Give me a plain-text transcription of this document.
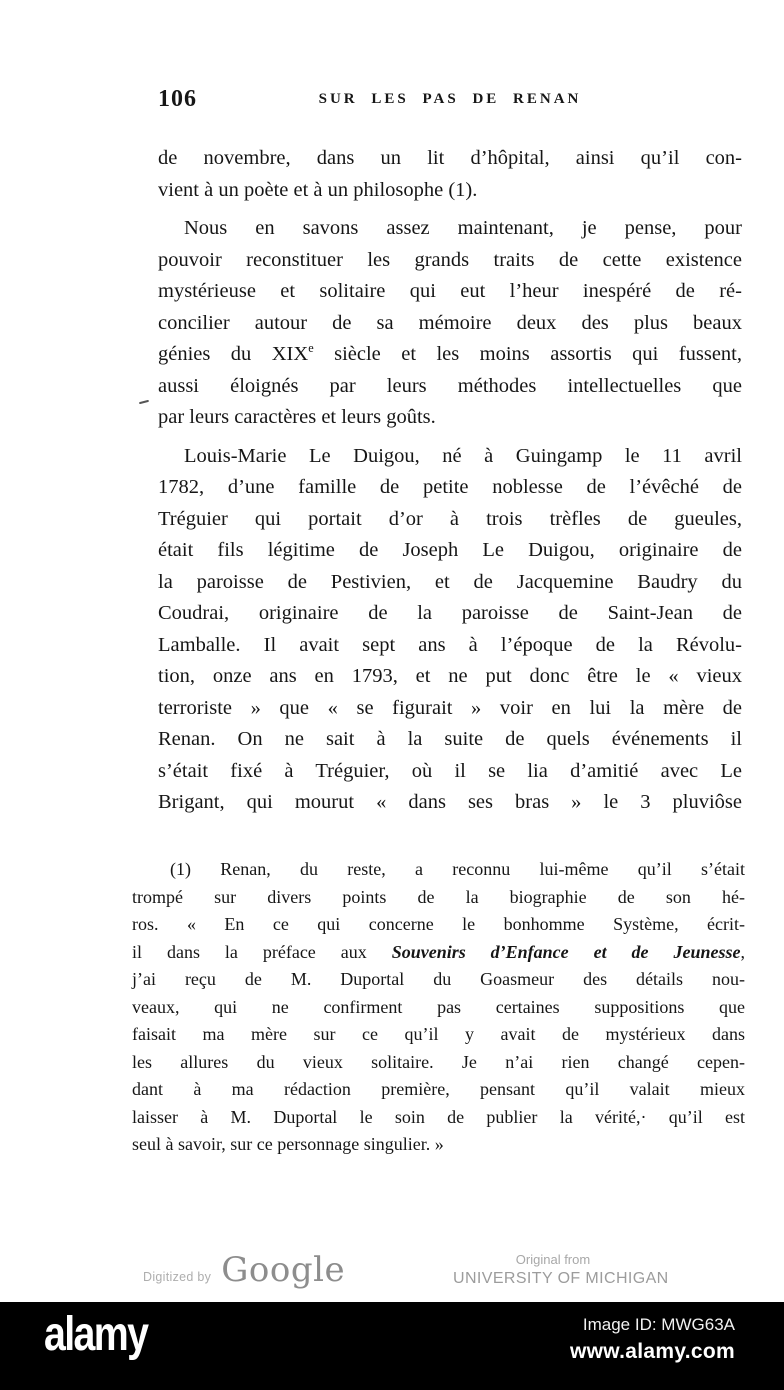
106	SUR LES PAS DE RENAN
de novembre, dans un lit d’hôpital, ainsi qu’il con-
vient à un poète et à un philosophe (1).
Nous en savons assez maintenant, je pense, pour
pouvoir reconstituer les grands traits de cette existence
mystérieuse et solitaire qui eut l’heur inespéré de ré-
concilier autour de sa mémoire deux des plus beaux
génies du XIXe siècle et les moins assortis qui fussent,
aussi éloignés par leurs méthodes intellectuelles que
par leurs caractères et leurs goûts.
Louis-Marie Le Duigou, né à Guingamp le 11 avril
1782, d’une famille de petite noblesse de l’évêché de
Tréguier qui portait d’or à trois trèfles de gueules,
était fils légitime de Joseph Le Duigou, originaire de
la paroisse de Pestivien, et de Jacquemine Baudry du
Coudrai, originaire de la paroisse de Saint-Jean de
Lamballe. Il avait sept ans à l’époque de la Révolu-
tion, onze ans en 1793, et ne put donc être le « vieux
terroriste » que « se figurait » voir en lui la mère de
Renan. On ne sait à la suite de quels événements il
s’était fixé à Tréguier, où il se lia d’amitié avec Le
Brigant, qui mourut « dans ses bras » le 3 pluviôse
(1) Renan, du reste, a reconnu lui-même qu’il s’était
trompé sur divers points de la biographie de son hé-
ros. « En ce qui concerne le bonhomme Système, écrit-
il dans la préface aux Souvenirs d’Enfance et de Jeunesse,
j’ai reçu de M. Duportal du Goasmeur des détails nou-
veaux, qui ne confirment pas certaines suppositions que
faisait ma mère sur ce qu’il y avait de mystérieux dans
les allures du vieux solitaire. Je n’ai rien changé cepen-
dant à ma rédaction première, pensant qu’il valait mieux
laisser à M. Duportal le soin de publier la vérité,· qu’il est
seul à savoir, sur ce personnage singulier. »
Digitized by Google	Original from
UNIVERSITY OF MICHIGAN
alamy	Image ID: MWG63A
www.alamy.com
